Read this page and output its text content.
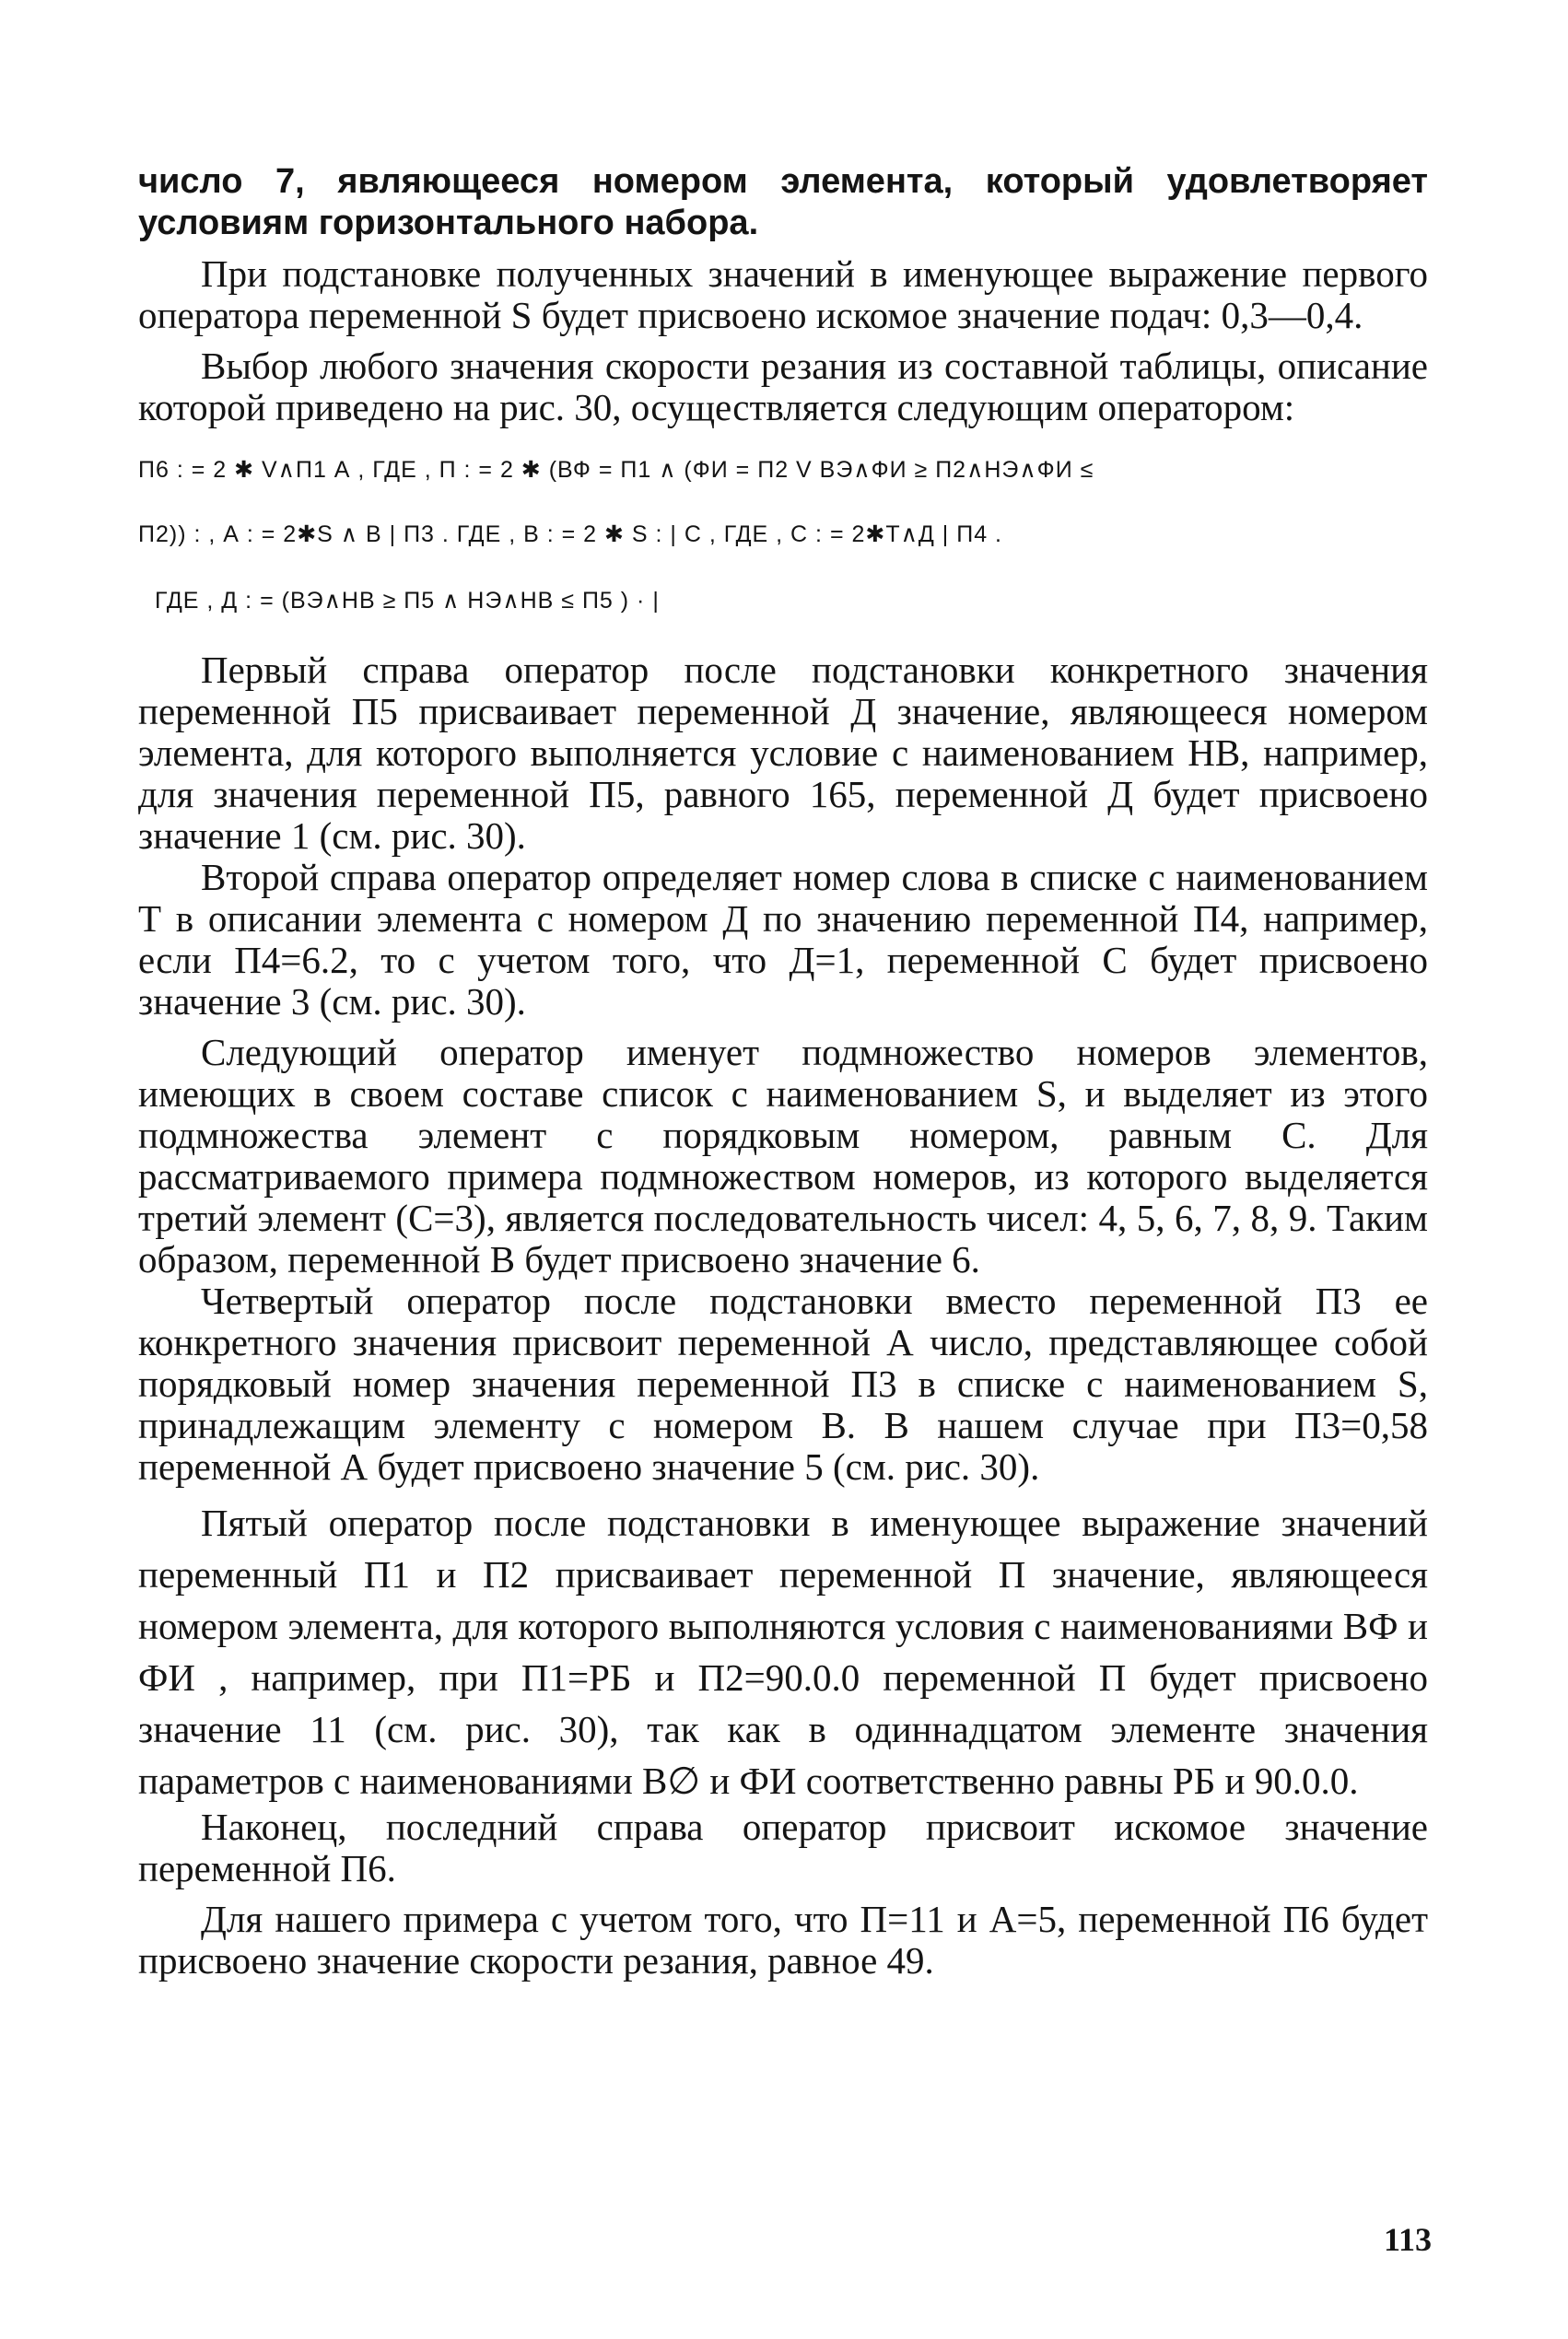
число 7, являющееся номером элемента, который удовлетворяет условиям горизонтального набора.

При подстановке полученных значений в именующее выражение первого оператора переменной S будет присвоено искомое значение подач: 0,3—0,4.

Выбор любого значения скорости резания из составной таблицы, описание которой приведено на рис. 30, осуществляется следующим оператором:

П6 : = 2 ✱ V∧П1 А , ГДЕ , П : = 2 ✱ (ВФ = П1 ∧ (ФИ = П2 V ВЭ∧ФИ ≥ П2∧НЭ∧ФИ ≤
П2)) : , А : = 2✱S ∧ В | П3 . ГДЕ , В : = 2 ✱ S : | С , ГДЕ , С : = 2✱Т∧Д | П4 .
ГДЕ , Д : = (ВЭ∧НВ ≥ П5 ∧ НЭ∧НВ ≤ П5 ) · |

Первый справа оператор после подстановки конкретного значения переменной П5 присваивает переменной Д значение, являющееся номером элемента, для которого выполняется условие с наименованием НВ, например, для значения переменной П5, равного 165, переменной Д будет присвоено значение 1 (см. рис. 30).

Второй справа оператор определяет номер слова в списке с наименованием Т в описании элемента с номером Д по значению переменной П4, например, если П4=6.2, то с учетом того, что Д=1, переменной С будет присвоено значение 3 (см. рис. 30).

Следующий оператор именует подмножество номеров элементов, имеющих в своем составе список с наименованием S, и выделяет из этого подмножества элемент с порядковым номером, равным С. Для рассматриваемого примера подмножеством номеров, из которого выделяется третий элемент (С=3), является последовательность чисел: 4, 5, 6, 7, 8, 9. Таким образом, переменной В будет присвоено значение 6.

Четвертый оператор после подстановки вместо переменной П3 ее конкретного значения присвоит переменной А число, представляющее собой порядковый номер значения переменной П3 в списке с наименованием S, принадлежащим элементу с номером В. В нашем случае при П3=0,58 переменной А будет присвоено значение 5 (см. рис. 30).

Пятый оператор после подстановки в именующее выражение значений переменный П1 и П2 присваивает переменной П значение, являющееся номером элемента, для которого выполняются условия с наименованиями ВФ и ФИ , например, при П1=РБ и П2=90.0.0 переменной П будет присвоено значение 11 (см. рис. 30), так как в одиннадцатом элементе значения параметров с наименованиями В∅ и ФИ соответственно равны РБ и 90.0.0.

Наконец, последний справа оператор присвоит искомое значение переменной П6.

Для нашего примера с учетом того, что П=11 и А=5, переменной П6 будет присвоено значение скорости резания, равное 49.

113
